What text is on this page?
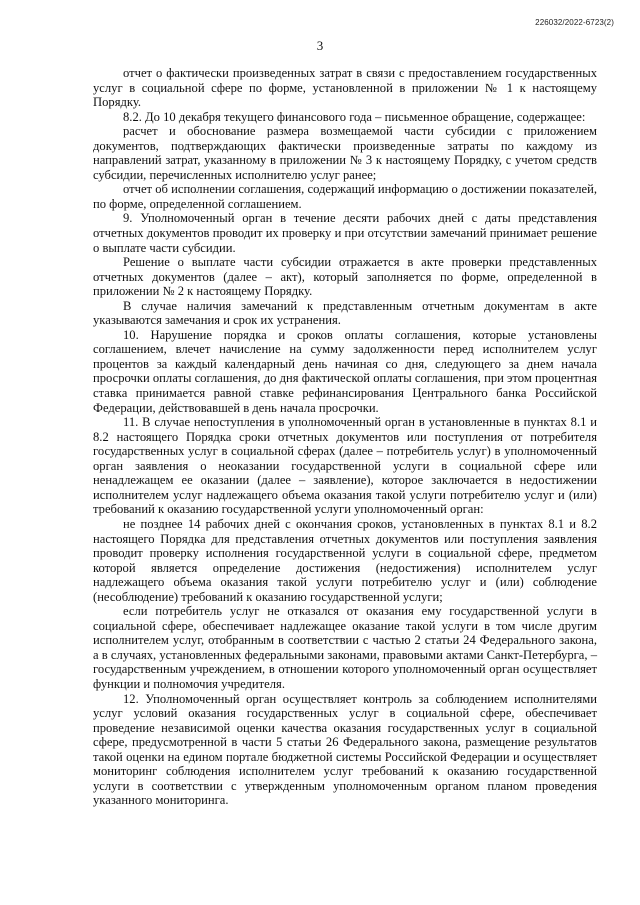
226032/2022-6723(2)
3

отчет о фактически произведенных затрат в связи с предоставлением государственных услуг в социальной сфере по форме, установленной в приложении № 1 к настоящему Порядку.

8.2. До 10 декабря текущего финансового года – письменное обращение, содержащее:

расчет и обоснование размера возмещаемой части субсидии с приложением документов, подтверждающих фактически произведенные затраты по каждому из направлений затрат, указанному в приложении № 3 к настоящему Порядку, с учетом средств субсидии, перечисленных исполнителю услуг ранее;

отчет об исполнении соглашения, содержащий информацию о достижении показателей, по форме, определенной соглашением.

9. Уполномоченный орган в течение десяти рабочих дней с даты представления отчетных документов проводит их проверку и при отсутствии замечаний принимает решение о выплате части субсидии.

Решение о выплате части субсидии отражается в акте проверки представленных отчетных документов (далее – акт), который заполняется по форме, определенной в приложении № 2 к настоящему Порядку.

В случае наличия замечаний к представленным отчетным документам в акте указываются замечания и срок их устранения.

10. Нарушение порядка и сроков оплаты соглашения, которые установлены соглашением, влечет начисление на сумму задолженности перед исполнителем услуг процентов за каждый календарный день начиная со дня, следующего за днем начала просрочки оплаты соглашения, до дня фактической оплаты соглашения, при этом процентная ставка принимается равной ставке рефинансирования Центрального банка Российской Федерации, действовавшей в день начала просрочки.

11. В случае непоступления в уполномоченный орган в установленные в пунктах 8.1 и 8.2 настоящего Порядка сроки отчетных документов или поступления от потребителя государственных услуг в социальной сферах (далее – потребитель услуг) в уполномоченный орган заявления о неоказании государственной услуги в социальной сфере или ненадлежащем ее оказании (далее – заявление), которое заключается в недостижении исполнителем услуг надлежащего объема оказания такой услуги потребителю услуг и (или) требований к оказанию государственной услуги уполномоченный орган:

не позднее 14 рабочих дней с окончания сроков, установленных в пунктах 8.1 и 8.2 настоящего Порядка для представления отчетных документов или поступления заявления проводит проверку исполнения государственной услуги в социальной сфере, предметом которой является определение достижения (недостижения) исполнителем услуг надлежащего объема оказания такой услуги потребителю услуг и (или) соблюдение (несоблюдение) требований к оказанию государственной услуги;

если потребитель услуг не отказался от оказания ему государственной услуги в социальной сфере, обеспечивает надлежащее оказание такой услуги в том числе другим исполнителем услуг, отобранным в соответствии с частью 2 статьи 24 Федерального закона, а в случаях, установленных федеральными законами, правовыми актами Санкт-Петербурга, – государственным учреждением, в отношении которого уполномоченный орган осуществляет функции и полномочия учредителя.

12. Уполномоченный орган осуществляет контроль за соблюдением исполнителями услуг условий оказания государственных услуг в социальной сфере, обеспечивает проведение независимой оценки качества оказания государственных услуг в социальной сфере, предусмотренной в части 5 статьи 26 Федерального закона, размещение результатов такой оценки на едином портале бюджетной системы Российской Федерации и осуществляет мониторинг соблюдения исполнителем услуг требований к оказанию государственной услуги в соответствии с утвержденным уполномоченным органом планом проведения указанного мониторинга.
